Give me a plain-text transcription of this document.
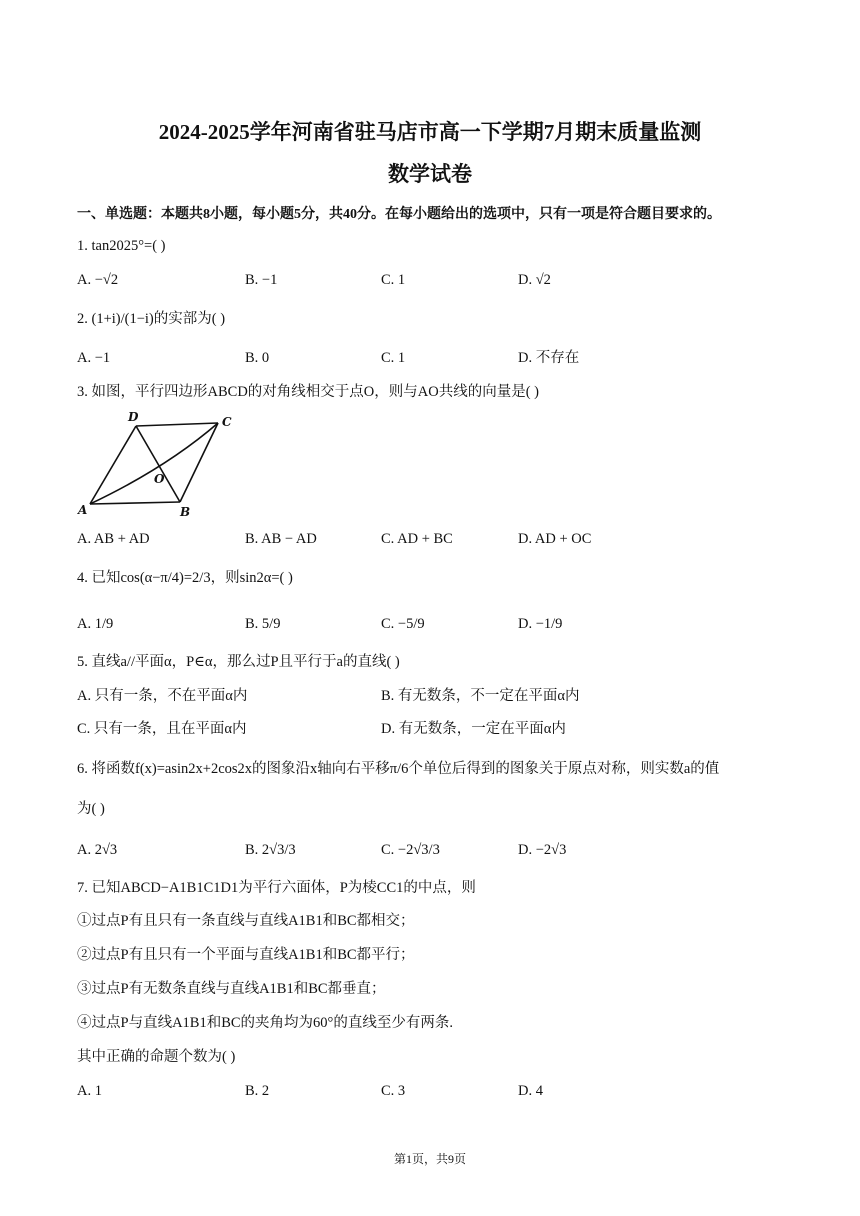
2024-2025学年河南省驻马店市高一下学期7月期末质量监测
数学试卷
一、单选题：本题共8小题，每小题5分，共40分。在每小题给出的选项中，只有一项是符合题目要求的。
1. tan2025°=( )
A. −√2	B. −1	C. 1	D. √2
2. (1+i)/(1−i)的实部为( )
A. −1	B. 0	C. 1	D. 不存在
3. 如图，平行四边形ABCD的对角线相交于点O，则与AO共线的向量是( )
A	B
C
D
O
A. AB + AD	B. AB − AD	C. AD + BC	D. AD + OC
4. 已知cos(α−π/4)=2/3，则sin2α=( )
A. 1/9	B. 5/9	C. −5/9	D. −1/9
5. 直线a//平面α，P∈α，那么过P且平行于a的直线( )
A. 只有一条，不在平面α内	B. 有无数条，不一定在平面α内
C. 只有一条，且在平面α内	D. 有无数条，一定在平面α内
6. 将函数f(x)=asin2x+2cos2x的图象沿x轴向右平移π/6个单位后得到的图象关于原点对称，则实数a的值
为( )
A. 2√3	B. 2√3/3	C. −2√3/3	D. −2√3
7. 已知ABCD−A1B1C1D1为平行六面体，P为棱CC1的中点，则
①过点P有且只有一条直线与直线A1B1和BC都相交；
②过点P有且只有一个平面与直线A1B1和BC都平行；
③过点P有无数条直线与直线A1B1和BC都垂直；
④过点P与直线A1B1和BC的夹角均为60°的直线至少有两条.
其中正确的命题个数为( )
A. 1	B. 2	C. 3	D. 4
第1页，共9页
